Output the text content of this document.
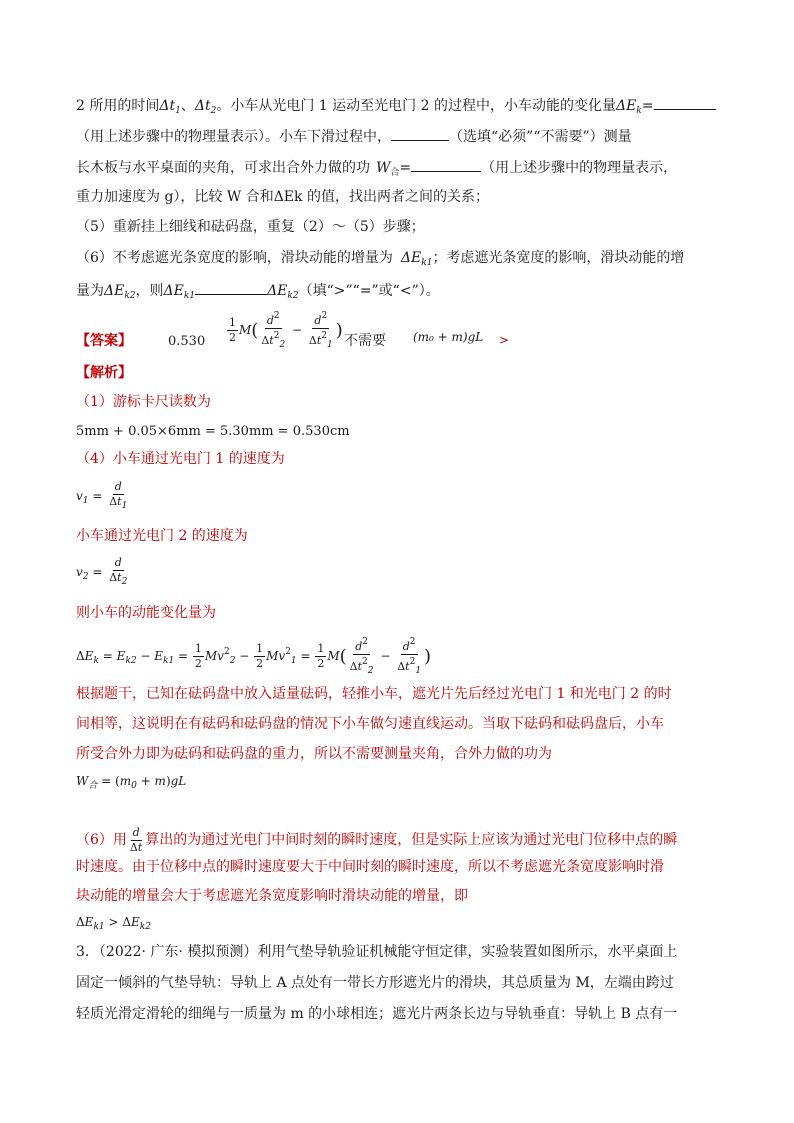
2 所用的时间$\Delta t_1$、$\Delta t_2$。小车从光电门 1 运动至光电门 2 的过程中，小车动能的变化量$\Delta E_k=$
（用上述步骤中的物理量表示）。小车下滑过程中，	（选填“必须”“不需要”）测量
长木板与水平桌面的夹角，可求出合外力做的功 $W_合=$	（用上述步骤中的物理量表示，
重力加速度为 g），比较 W 合和ΔEk 的值，找出两者之间的关系；
（5）重新挂上细线和砝码盘，重复（2）～（5）步骤；
（6）不考虑遮光条宽度的影响，滑块动能的增量为 $\Delta E_{k1}$；考虑遮光条宽度的影响，滑块动能的增
量为$\Delta E_{k2}$，则$\Delta E_{k1}$	$\Delta E_{k2}$（填“>”“=”或“<”）。
【答案】	$0.530 \frac{1}{2} M( \frac{d^2}{\Delta t^2_2} - \frac{d^2}{\Delta t^2_1}$ ) 不需要 (m₀ + m)gL >
【解析】
（1）游标卡尺读数为
5mm + 0.05×6mm = 5.30mm = 0.530cm
（4）小车通过光电门 1 的速度为
$v_1 = \frac{d}{\Delta t_1}$
小车通过光电门 2 的速度为
$v_2 = \frac{d}{\Delta t_2}$
则小车的动能变化量为
$\Delta E_k = E_{k2} - E_{k1} = \frac{1}{2} Mv^2_2 - \frac{1}{2} Mv^2_1 = \frac{1}{2} M( \frac{d^2}{\Delta t^2_2} - \frac{d^2}{\Delta t^2_1}$ )
根据题干，已知在砝码盘中放入适量砝码，轻推小车，遮光片先后经过光电门 1 和光电门 2 的时
间相等，这说明在有砝码和砝码盘的情况下小车做匀速直线运动。当取下砝码和砝码盘后，小车
所受合外力即为砝码和砝码盘的重力，所以不需要测量夹角，合外力做的功为
$W_合 = (m_0 + m)gL$
（6）用 $\frac{d}{\Delta t}$ 算出的为通过光电门中间时刻的瞬时速度，但是实际上应该为通过光电门位移中点的瞬
时速度。由于位移中点的瞬时速度要大于中间时刻的瞬时速度，所以不考虑遮光条宽度影响时滑
块动能的增量会大于考虑遮光条宽度影响时滑块动能的增量，即
$\Delta E_{k1} > \Delta E_{k2}$
3．（2022· 广东· 模拟预测）利用气垫导轨验证机械能守恒定律，实验装置如图所示，水平桌面上
固定一倾斜的气垫导轨：导轨上 A 点处有一带长方形遮光片的滑块，其总质量为 M，左端由跨过
轻质光滑定滑轮的细绳与一质量为 m 的小球相连；遮光片两条长边与导轨垂直：导轨上 B 点有一
